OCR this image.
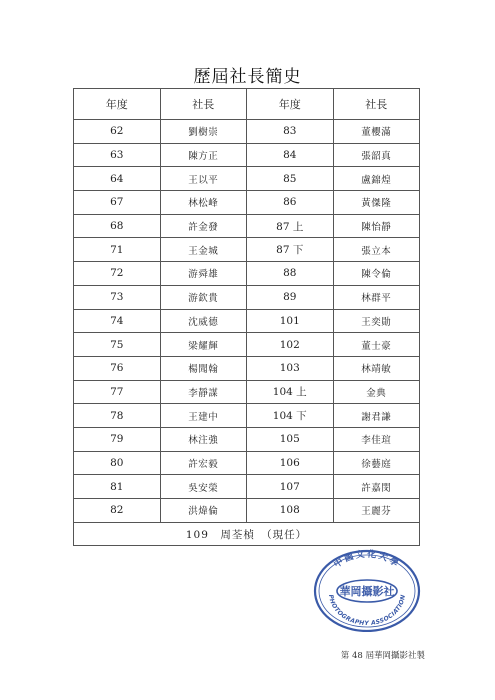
歷屆社長簡史
年度	社長	年度	社長
62	劉樹崇	83	董櫻滿
63	陳方正	84	張韶真
64	王以平	85	盧錦煌
67	林松峰	86	黃傑隆
68	許金發	87 上	陳怡靜
71	王金城	87 下	張立本
72	游舜雄	88	陳令倫
73	游欽貴	89	林群平
74	沈威德	101	王奕勛
75	梁耀輝	102	董士豪
76	楊聞翰	103	林靖敏
77	李靜謀	104 上	金典
78	王建中	104 下	謝君謙
79	林注強	105	李佳瑄
80	許宏毅	106	徐藝庭
81	吳安榮	107	許嘉閔
82	洪煒倫	108	王麗芬
109　周荃楨　（現任）			
中國文化大學
華岡攝影社
PHOTOGRAPHY ASSOCIATION
第 48 屆華岡攝影社製
